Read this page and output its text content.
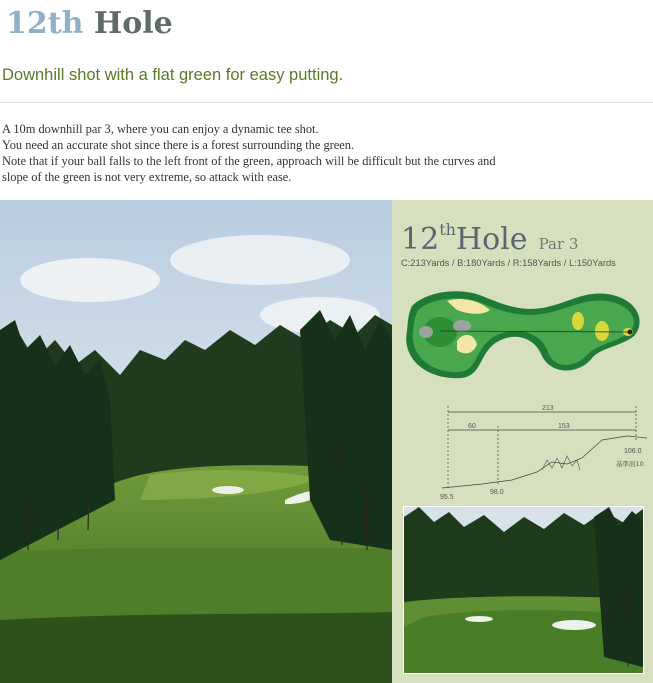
12th Hole
Downhill shot with a flat green for easy putting.

A 10m downhill par 3, where you can enjoy a dynamic tee shot.

You need an accurate shot since there is a forest surrounding the green.

Note that if your ball falls to the left front of the green, approach will be difficult but the curves and

slope of the green is not very extreme, so attack with ease.

12thHole Par 3
C:213Yards / B:180Yards / R:158Yards / L:150Yards
213
60	153
95.5
98.0
106.0
基準面10
